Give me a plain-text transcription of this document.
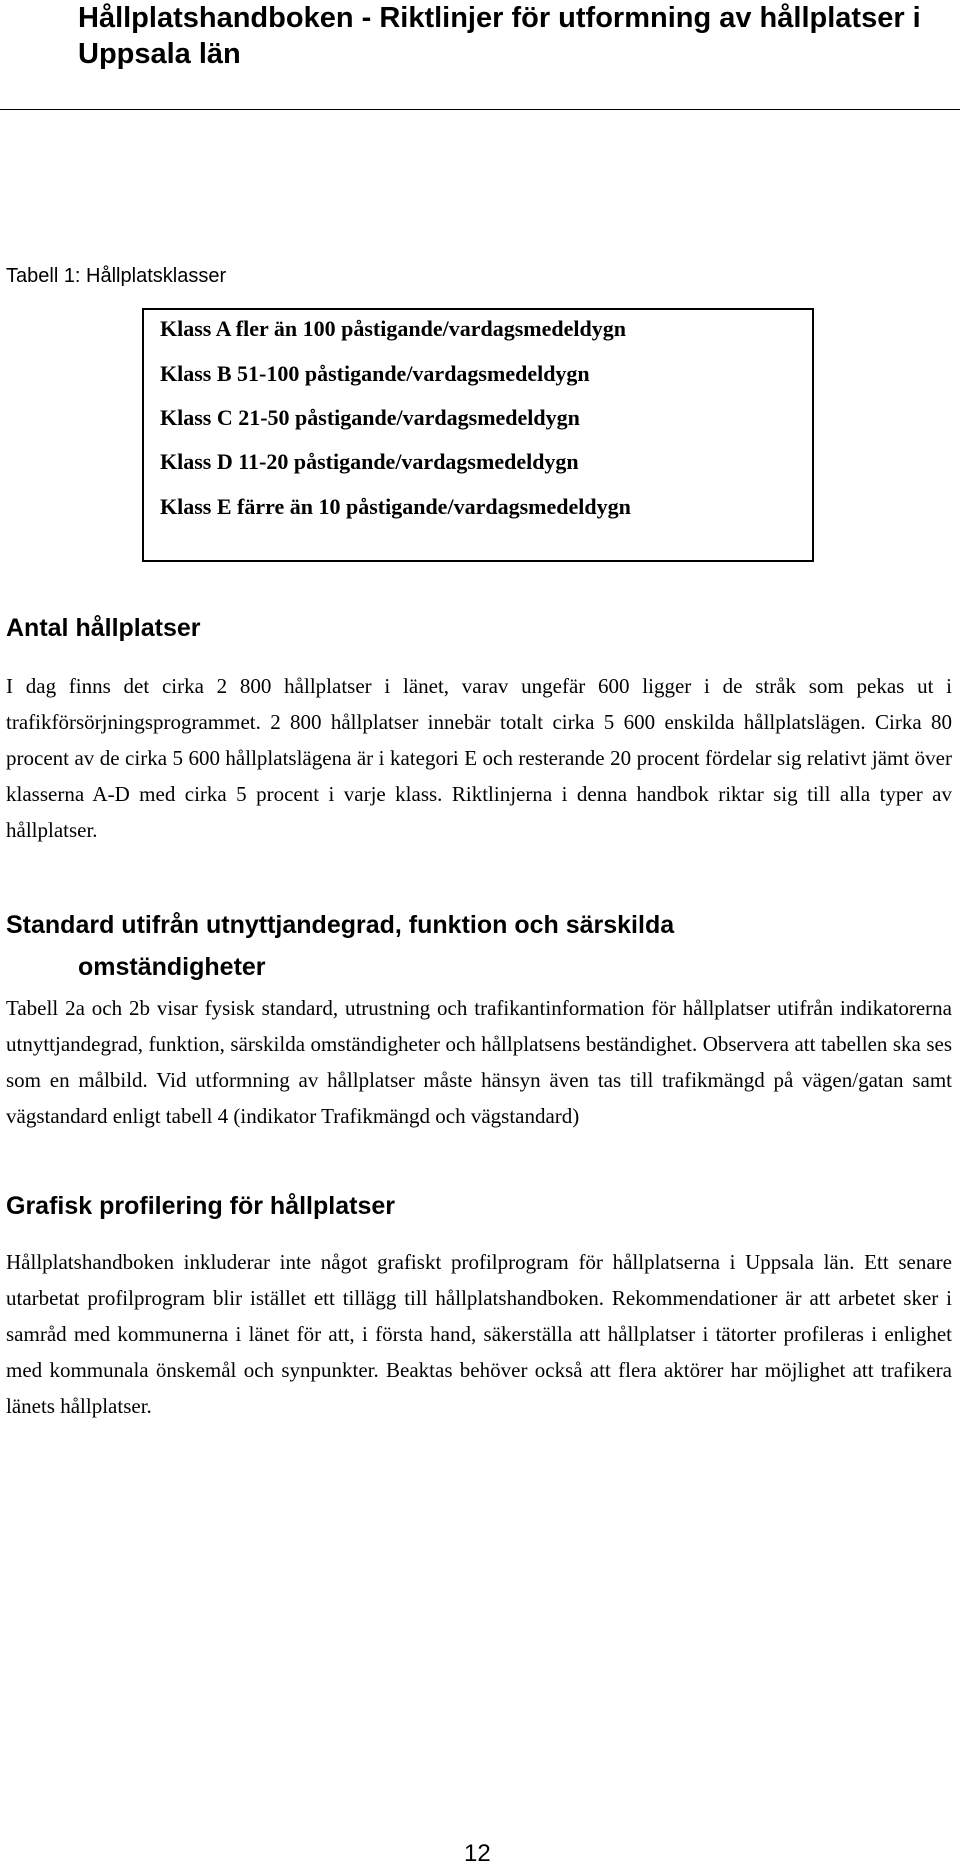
Hållplatshandboken - Riktlinjer för utformning av hållplatser i Uppsala län
Tabell 1: Hållplatsklasser
Klass A fler än 100 påstigande/vardagsmedeldygn
Klass B 51-100 påstigande/vardagsmedeldygn
Klass C 21-50 påstigande/vardagsmedeldygn
Klass D 11-20 påstigande/vardagsmedeldygn
Klass E färre än 10 påstigande/vardagsmedeldygn
Antal hållplatser

I dag finns det cirka 2 800 hållplatser i länet, varav ungefär 600 ligger i de stråk som pekas ut i trafikförsörjningsprogrammet. 2 800 hållplatser innebär totalt cirka 5 600 enskilda hållplatslägen. Cirka 80 procent av de cirka 5 600 hållplatslägena är i kategori E och resterande 20 procent fördelar sig relativt jämt över klasserna A-D med cirka 5 procent i varje klass. Riktlinjerna i denna handbok riktar sig till alla typer av hållplatser.

Standard utifrån utnyttjandegrad, funktion och särskilda
omständigheter

Tabell 2a och 2b visar fysisk standard, utrustning och trafikantinformation för hållplatser utifrån indikatorerna utnyttjandegrad, funktion, särskilda omständigheter och hållplatsens beständighet. Observera att tabellen ska ses som en målbild. Vid utformning av hållplatser måste hänsyn även tas till trafikmängd på vägen/gatan samt vägstandard enligt tabell 4 (indikator Trafikmängd och vägstandard)

Grafisk profilering för hållplatser

Hållplatshandboken inkluderar inte något grafiskt profilprogram för hållplatserna i Uppsala län. Ett senare utarbetat profilprogram blir istället ett tillägg till hållplatshandboken. Rekommendationer är att arbetet sker i samråd med kommunerna i länet för att, i första hand, säkerställa att hållplatser i tätorter profileras i enlighet med kommunala önskemål och synpunkter. Beaktas behöver också att flera aktörer har möjlighet att trafikera länets hållplatser.

12
